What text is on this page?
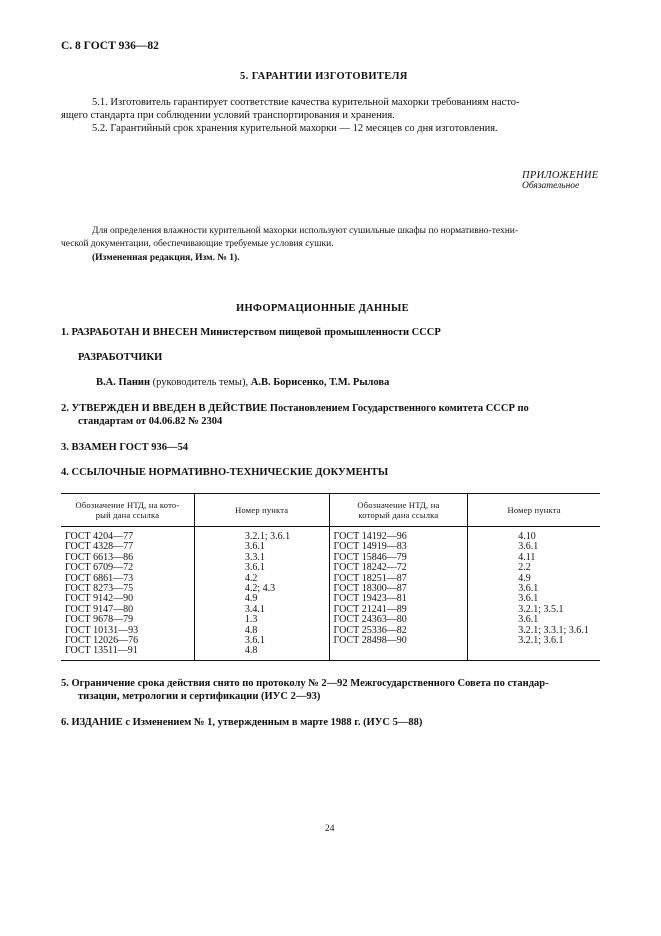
С. 8 ГОСТ 936—82
5. ГАРАНТИИ ИЗГОТОВИТЕЛЯ
5.1. Изготовитель гарантирует соответствие качества курительной махорки требованиям насто-
ящего стандарта при соблюдении условий транспортирования и хранения.
5.2. Гарантийный срок хранения курительной махорки — 12 месяцев со дня изготовления.
ПРИЛОЖЕНИЕ
Обязательное
Для определения влажности курительной махорки используют сушильные шкафы по нормативно-техни-
ческой документации, обеспечивающие требуемые условия сушки.
(Измененная редакция, Изм. № 1).
ИНФОРМАЦИОННЫЕ ДАННЫЕ
1. РАЗРАБОТАН И ВНЕСЕН Министерством пищевой промышленности СССР
РАЗРАБОТЧИКИ
В.А. Панин (руководитель темы), А.В. Борисенко, Т.М. Рылова
2. УТВЕРЖДЕН И ВВЕДЕН В ДЕЙСТВИЕ Постановлением Государственного комитета СССР по
стандартам от 04.06.82 № 2304
3. ВЗАМЕН ГОСТ 936—54
4. ССЫЛОЧНЫЕ НОРМАТИВНО-ТЕХНИЧЕСКИЕ ДОКУМЕНТЫ
Обозначение НТД, на кото-
рый дана ссылка	Номер пункта	Обозначение НТД, на
который дана ссылка	Номер пункта
ГОСТ 4204—77	3.2.1; 3.6.1	ГОСТ 14192—96	4.10
ГОСТ 4328—77	3.6.1	ГОСТ 14919—83	3.6.1
ГОСТ 6613—86	3.3.1	ГОСТ 15846—79	4.11
ГОСТ 6709—72	3.6.1	ГОСТ 18242—72	2.2
ГОСТ 6861—73	4.2	ГОСТ 18251—87	4.9
ГОСТ 8273—75	4.2; 4.3	ГОСТ 18300—87	3.6.1
ГОСТ 9142—90	4.9	ГОСТ 19423—81	3.6.1
ГОСТ 9147—80	3.4.1	ГОСТ 21241—89	3.2.1; 3.5.1
ГОСТ 9678—79	1.3	ГОСТ 24363—80	3.6.1
ГОСТ 10131—93	4.8	ГОСТ 25336—82	3.2.1; 3.3.1; 3.6.1
ГОСТ 12026—76	3.6.1	ГОСТ 28498—90	3.2.1; 3.6.1
ГОСТ 13511—91	4.8		
5. Ограничение срока действия снято по протоколу № 2—92 Межгосударственного Совета по стандар-
тизации, метрологии и сертификации (ИУС 2—93)
6. ИЗДАНИЕ с Изменением № 1, утвержденным в марте 1988 г. (ИУС 5—88)
24
